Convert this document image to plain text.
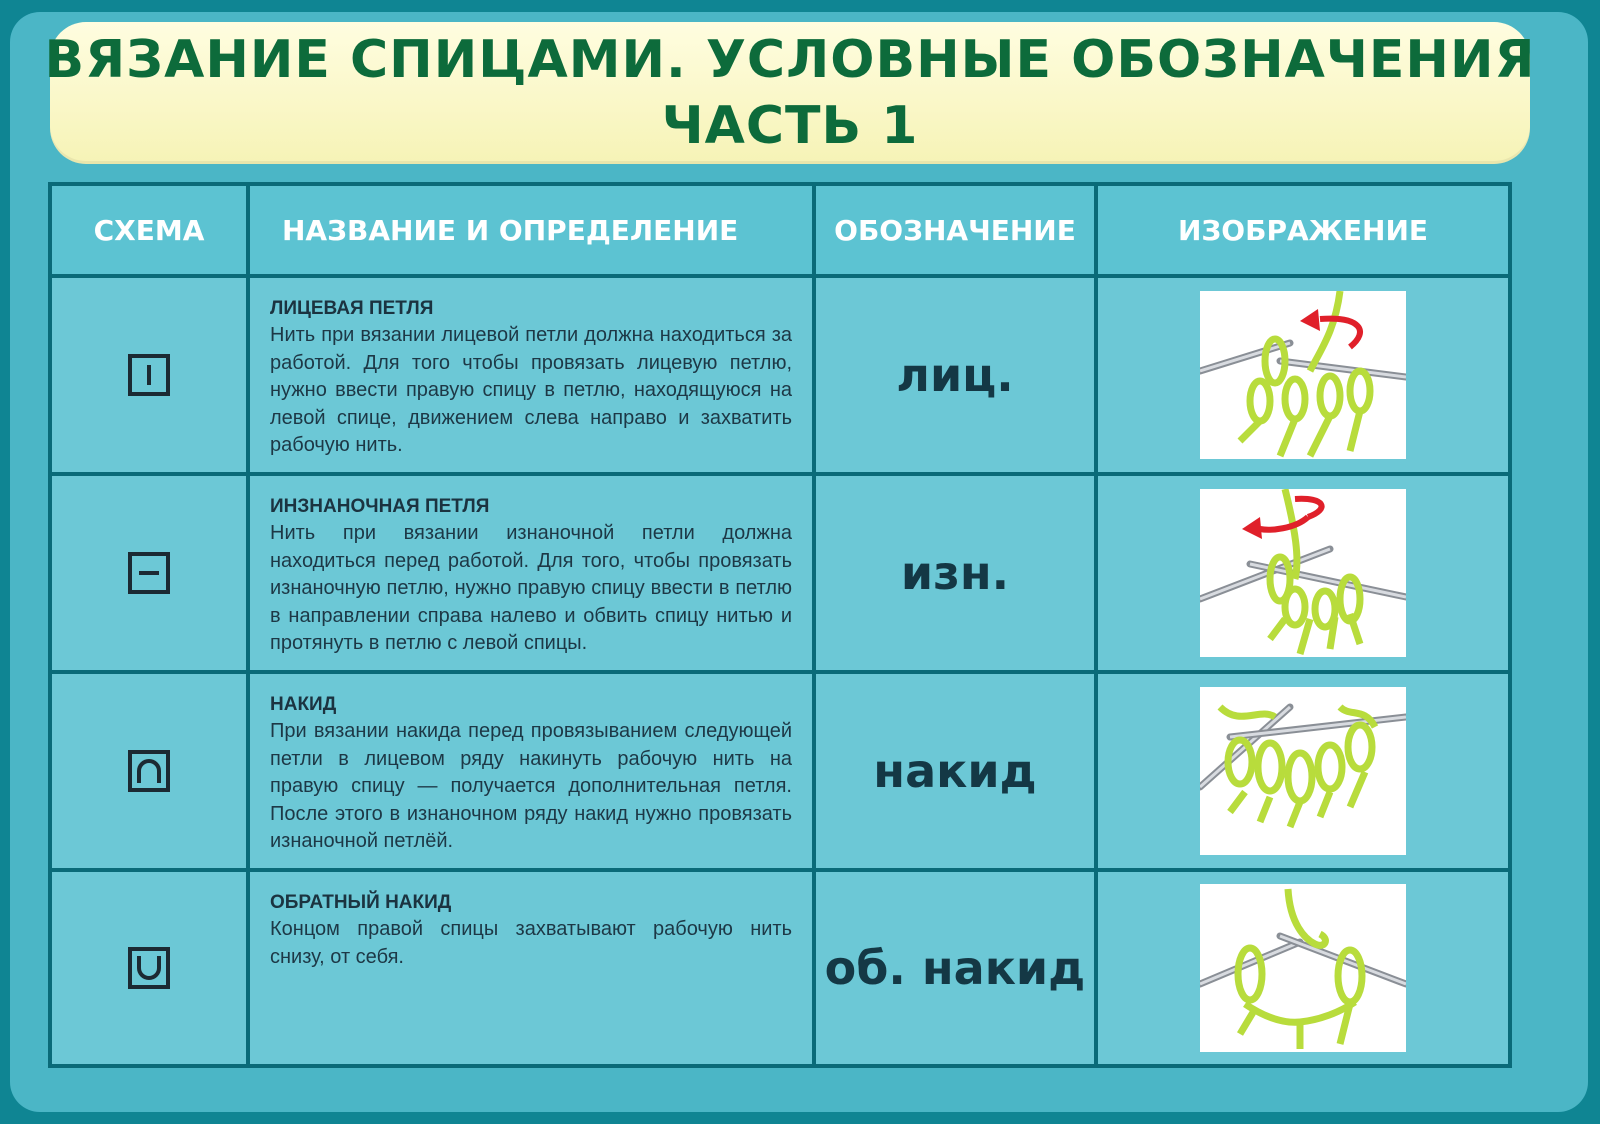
ВЯЗАНИЕ СПИЦАМИ. УСЛОВНЫЕ ОБОЗНАЧЕНИЯ
ЧАСТЬ 1
СХЕМА	НАЗВАНИЕ И ОПРЕДЕЛЕНИЕ	ОБОЗНАЧЕНИЕ	ИЗОБРАЖЕНИЕ

ЛИЦЕВАЯ ПЕТЛЯ
Нить при вязании лицевой петли должна находиться за работой. Для того чтобы провязать лицевую петлю, нужно ввести правую спицу в петлю, находящуюся на левой спице, движением слева направо и захватить рабочую нить.	лиц.	

ИНЗНАНОЧНАЯ ПЕТЛЯ
Нить при вязании изнаночной петли должна находиться перед работой. Для того, чтобы провязать изнаночную петлю, нужно правую спицу ввести в петлю в направлении справа налево и обвить спицу нитью и протянуть в петлю с левой спицы.	изн.	

НАКИД
При вязании накида перед провязыванием следующей петли в лицевом ряду накинуть рабочую нить на правую спицу — получается дополнительная петля. После этого в изнаночном ряду накид нужно провязать изнаночной петлёй.	накид	

ОБРАТНЫЙ НАКИД
Концом правой спицы захватывают рабочую нить снизу, от себя.	об. накид	
